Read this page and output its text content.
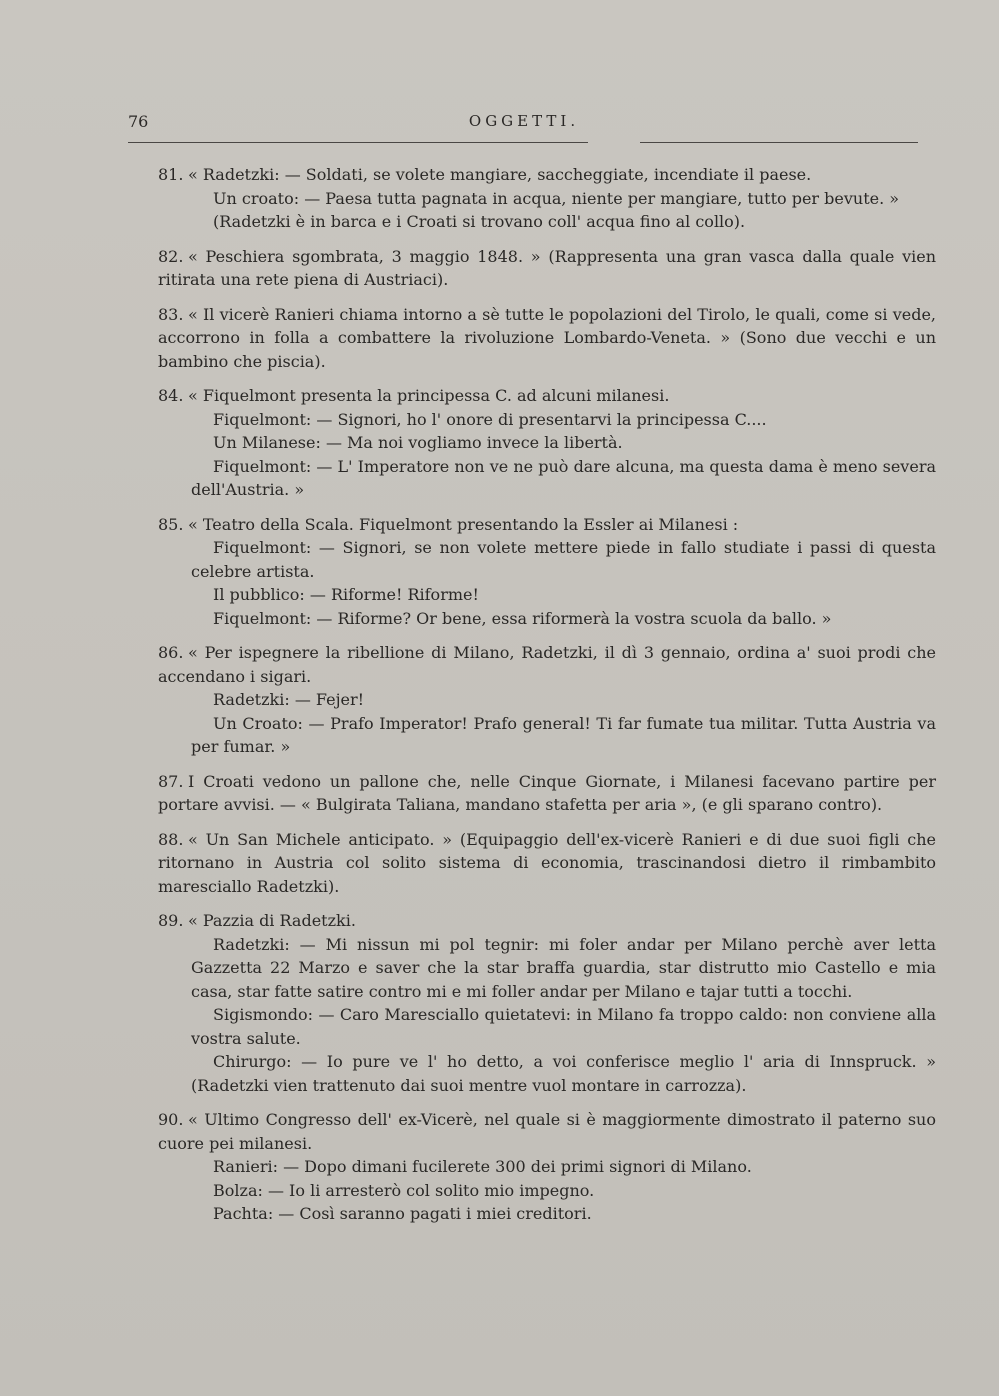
76	OGGETTI.
81. « Radetzki: — Soldati, se volete mangiare, saccheggiate, incendiate il paese.
Un croato: — Paesa tutta pagnata in acqua, niente per mangiare, tutto per bevute. »
(Radetzki è in barca e i Croati si trovano coll' acqua fino al collo).
82. « Peschiera sgombrata, 3 maggio 1848. » (Rappresenta una gran vasca dalla quale vien ritirata una rete piena di Austriaci).
83. « Il vicerè Ranieri chiama intorno a sè tutte le popolazioni del Tirolo, le quali, come si vede, accorrono in folla a combattere la rivoluzione Lombardo-Veneta. » (Sono due vecchi e un bambino che piscia).
84. « Fiquelmont presenta la principessa C. ad alcuni milanesi.
Fiquelmont: — Signori, ho l' onore di presentarvi la principessa C....
Un Milanese: — Ma noi vogliamo invece la libertà.
Fiquelmont: — L' Imperatore non ve ne può dare alcuna, ma questa dama è meno severa dell'Austria. »
85. « Teatro della Scala. Fiquelmont presentando la Essler ai Milanesi :
Fiquelmont: — Signori, se non volete mettere piede in fallo studiate i passi di questa celebre artista.
Il pubblico: — Riforme! Riforme!
Fiquelmont: — Riforme? Or bene, essa riformerà la vostra scuola da ballo. »
86. « Per ispegnere la ribellione di Milano, Radetzki, il dì 3 gennaio, ordina a' suoi prodi che accendano i sigari.
Radetzki: — Fejer!
Un Croato: — Prafo Imperator! Prafo general! Ti far fumate tua militar. Tutta Austria va per fumar. »
87. I Croati vedono un pallone che, nelle Cinque Giornate, i Milanesi facevano partire per portare avvisi. — « Bulgirata Taliana, mandano stafetta per aria », (e gli sparano contro).
88. « Un San Michele anticipato. » (Equipaggio dell'ex-vicerè Ranieri e di due suoi figli che ritornano in Austria col solito sistema di economia, trascinandosi dietro il rimbambito maresciallo Radetzki).
89. « Pazzia di Radetzki.
Radetzki: — Mi nissun mi pol tegnir: mi foler andar per Milano perchè aver letta Gazzetta 22 Marzo e saver che la star braffa guardia, star distrutto mio Castello e mia casa, star fatte satire contro mi e mi foller andar per Milano e tajar tutti a tocchi.
Sigismondo: — Caro Maresciallo quietatevi: in Milano fa troppo caldo: non conviene alla vostra salute.
Chirurgo: — Io pure ve l' ho detto, a voi conferisce meglio l' aria di Innspruck. » (Radetzki vien trattenuto dai suoi mentre vuol montare in carrozza).
90. « Ultimo Congresso dell' ex-Vicerè, nel quale si è maggiormente dimostrato il paterno suo cuore pei milanesi.
Ranieri: — Dopo dimani fucilerete 300 dei primi signori di Milano.
Bolza: — Io li arresterò col solito mio impegno.
Pachta: — Così saranno pagati i miei creditori.
